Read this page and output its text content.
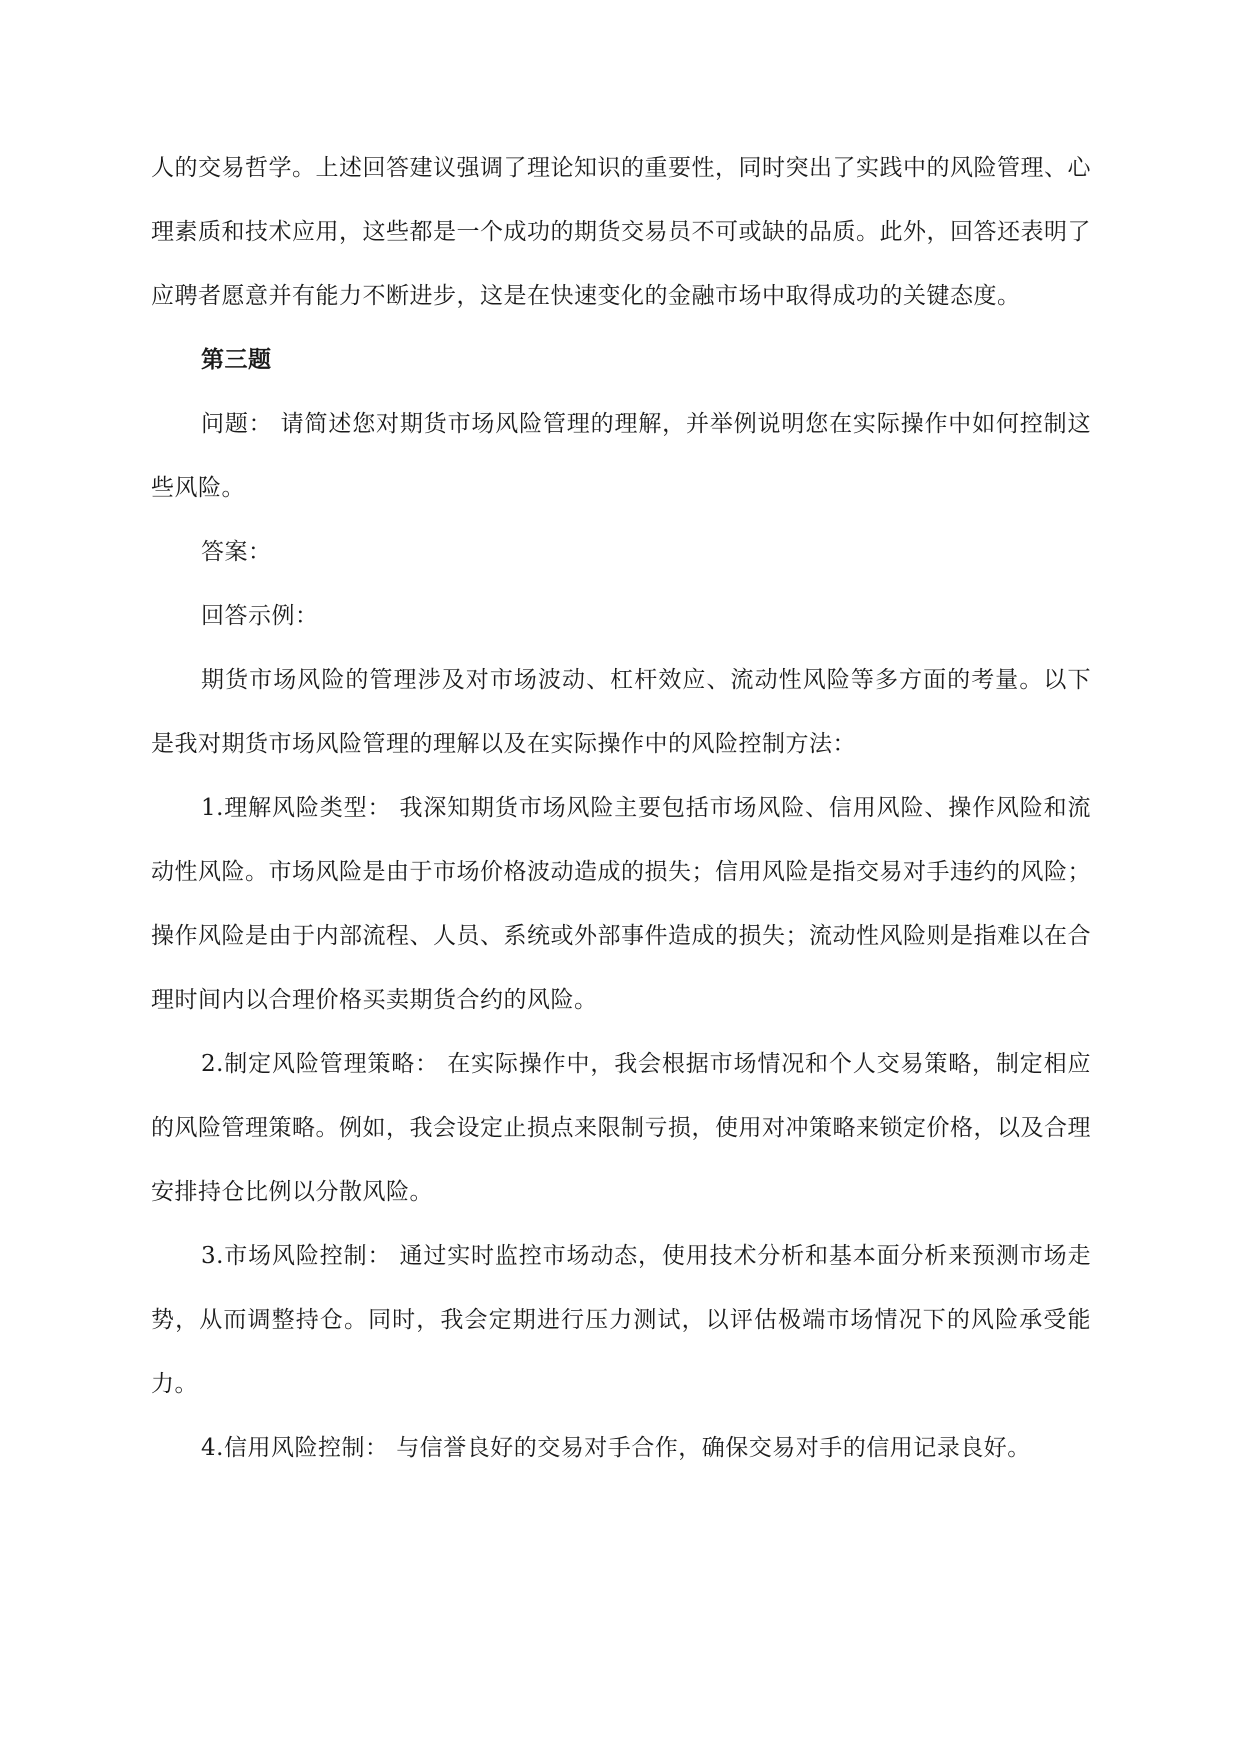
人的交易哲学。上述回答建议强调了理论知识的重要性，同时突出了实践中的风险管理、心理素质和技术应用，这些都是一个成功的期货交易员不可或缺的品质。此外，回答还表明了应聘者愿意并有能力不断进步，这是在快速变化的金融市场中取得成功的关键态度。

第三题

问题： 请简述您对期货市场风险管理的理解，并举例说明您在实际操作中如何控制这些风险。

答案：

回答示例：

期货市场风险的管理涉及对市场波动、杠杆效应、流动性风险等多方面的考量。以下是我对期货市场风险管理的理解以及在实际操作中的风险控制方法：

1.理解风险类型： 我深知期货市场风险主要包括市场风险、信用风险、操作风险和流动性风险。市场风险是由于市场价格波动造成的损失；信用风险是指交易对手违约的风险；操作风险是由于内部流程、人员、系统或外部事件造成的损失；流动性风险则是指难以在合理时间内以合理价格买卖期货合约的风险。

2.制定风险管理策略： 在实际操作中，我会根据市场情况和个人交易策略，制定相应的风险管理策略。例如，我会设定止损点来限制亏损，使用对冲策略来锁定价格，以及合理安排持仓比例以分散风险。

3.市场风险控制： 通过实时监控市场动态，使用技术分析和基本面分析来预测市场走势，从而调整持仓。同时，我会定期进行压力测试，以评估极端市场情况下的风险承受能力。

4.信用风险控制： 与信誉良好的交易对手合作，确保交易对手的信用记录良好。
